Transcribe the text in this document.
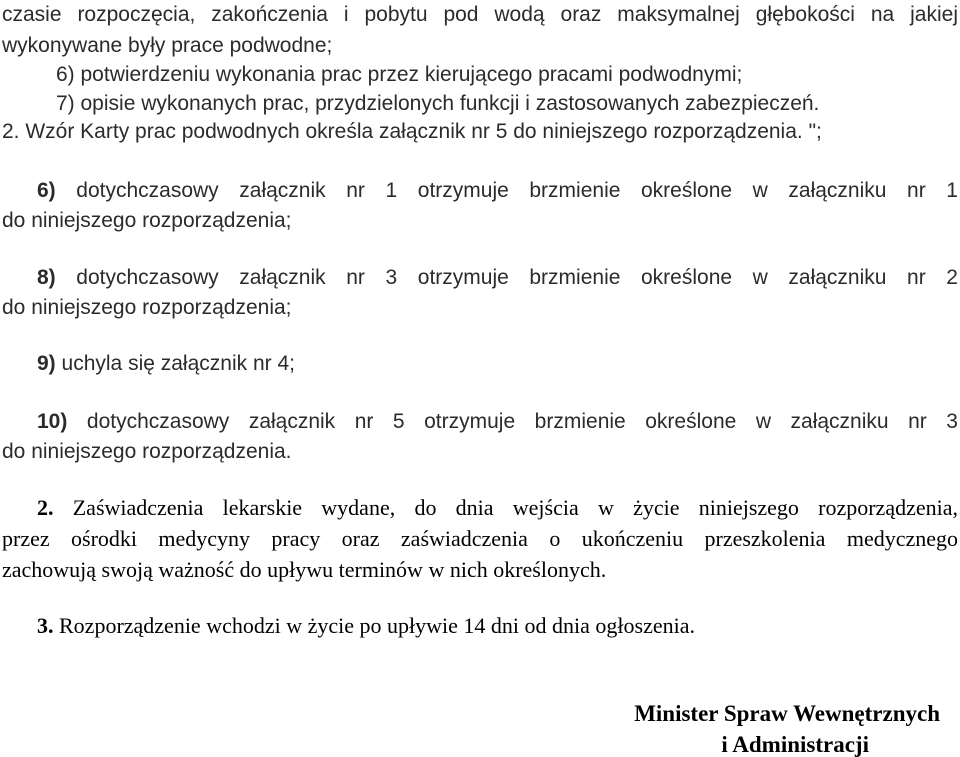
czasie rozpoczęcia, zakończenia i pobytu pod wodą oraz maksymalnej głębokości na jakiej
wykonywane były prace podwodne;
6) potwierdzeniu wykonania prac przez kierującego pracami podwodnymi;
7) opisie wykonanych prac, przydzielonych funkcji i zastosowanych zabezpieczeń.
2. Wzór Karty prac podwodnych określa załącznik nr 5 do niniejszego rozporządzenia. ";
6) dotychczasowy załącznik nr 1 otrzymuje brzmienie określone w załączniku nr 1
do niniejszego rozporządzenia;
8) dotychczasowy załącznik nr 3 otrzymuje brzmienie określone w załączniku nr 2
do niniejszego rozporządzenia;
9) uchyla się załącznik nr 4;
10) dotychczasowy załącznik nr 5 otrzymuje brzmienie określone w załączniku nr 3
do niniejszego rozporządzenia.
2. Zaświadczenia lekarskie wydane, do dnia wejścia w życie niniejszego rozporządzenia,
przez ośrodki medycyny pracy oraz zaświadczenia o ukończeniu przeszkolenia medycznego
zachowują swoją ważność do upływu terminów w nich określonych.
3. Rozporządzenie wchodzi w życie po upływie 14 dni od dnia ogłoszenia.
Minister Spraw Wewnętrznych
i Administracji
